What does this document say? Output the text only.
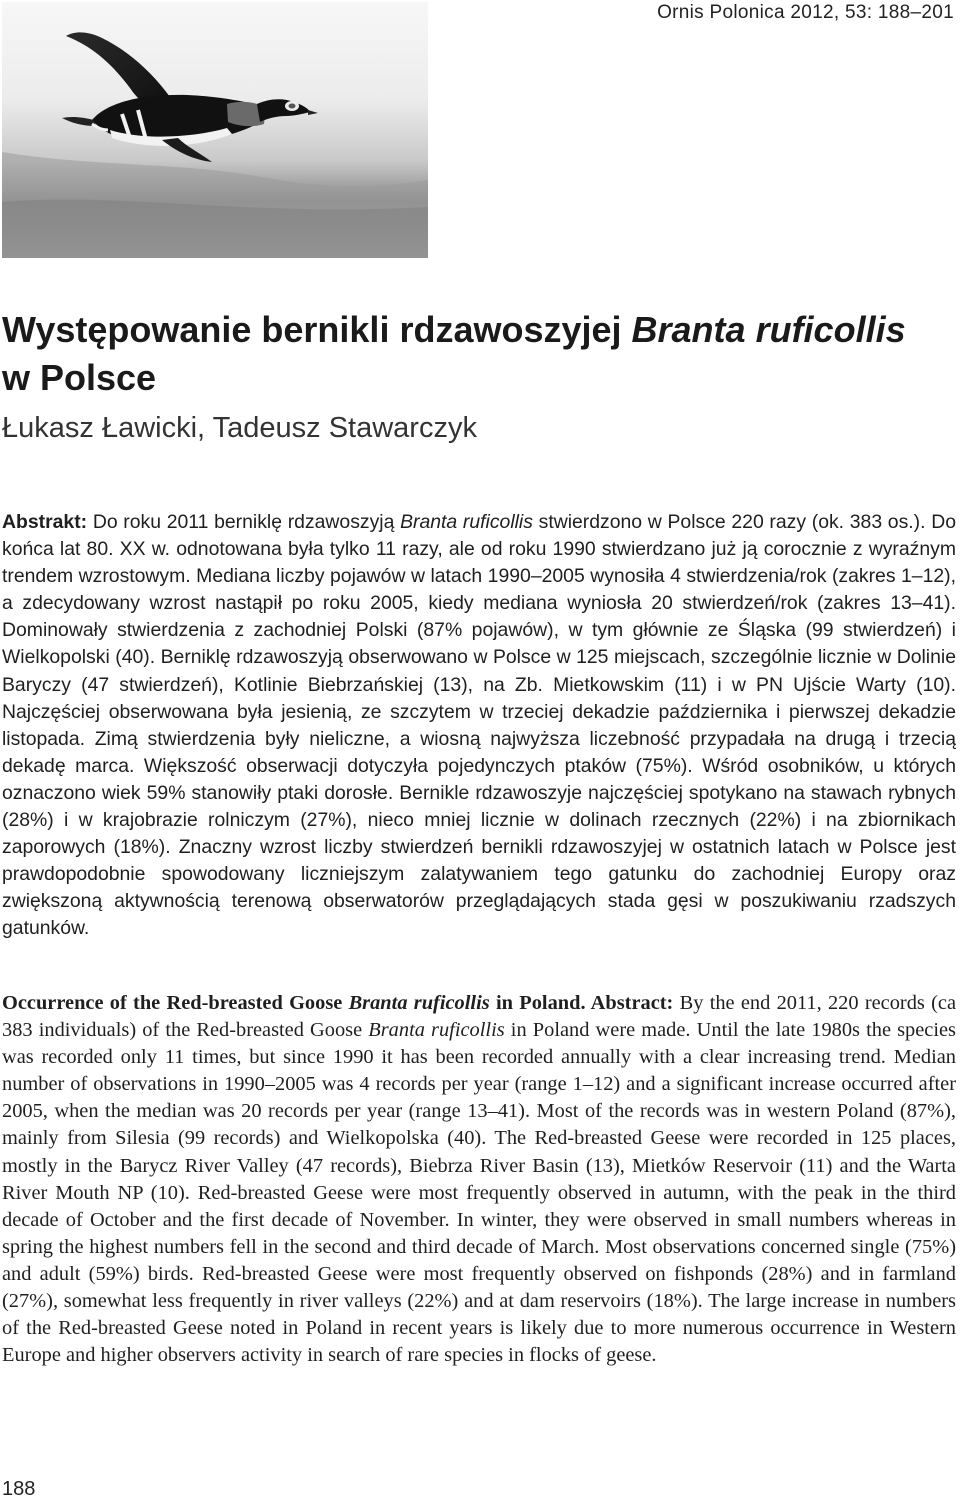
Ornis Polonica 2012, 53: 188–201
Występowanie bernikli rdzawoszyjej Branta ruficollis
w Polsce
Łukasz Ławicki, Tadeusz Stawarczyk

Abstrakt: Do roku 2011 berniklę rdzawoszyją Branta ruficollis stwierdzono w Polsce 220 razy (ok. 383 os.). Do końca lat 80. XX w. odnotowana była tylko 11 razy, ale od roku 1990 stwierdzano już ją corocznie z wyraźnym trendem wzrostowym. Mediana liczby pojawów w latach 1990–2005 wynosiła 4 stwierdzenia/rok (zakres 1–12), a zdecydowany wzrost nastąpił po roku 2005, kiedy mediana wyniosła 20 stwierdzeń/rok (zakres 13–41). Dominowały stwierdzenia z zachodniej Polski (87% pojawów), w tym głównie ze Śląska (99 stwierdzeń) i Wielkopolski (40). Berniklę rdzawoszyją obserwowano w Polsce w 125 miejscach, szczególnie licznie w Dolinie Baryczy (47 stwierdzeń), Kotlinie Biebrzańskiej (13), na Zb. Mietkowskim (11) i w PN Ujście Warty (10). Najczęściej obserwowana była jesienią, ze szczytem w trzeciej dekadzie października i pierwszej dekadzie listopada. Zimą stwierdzenia były nieliczne, a wiosną najwyższa liczebność przypadała na drugą i trzecią dekadę marca. Większość obserwacji dotyczyła pojedynczych ptaków (75%). Wśród osobników, u których oznaczono wiek 59% stanowiły ptaki dorosłe. Bernikle rdzawoszyje najczęściej spotykano na stawach rybnych (28%) i w krajobrazie rolniczym (27%), nieco mniej licznie w dolinach rzecznych (22%) i na zbiornikach zaporowych (18%). Znaczny wzrost liczby stwierdzeń bernikli rdzawoszyjej w ostatnich latach w Polsce jest prawdopodobnie spowodowany liczniejszym zalatywaniem tego gatunku do zachodniej Europy oraz zwiększoną aktywnością terenową obserwatorów przeglądających stada gęsi w poszukiwaniu rzadszych gatunków.

Occurrence of the Red-breasted Goose Branta ruficollis in Poland. Abstract: By the end 2011, 220 records (ca 383 individuals) of the Red-breasted Goose Branta ruficollis in Poland were made. Until the late 1980s the species was recorded only 11 times, but since 1990 it has been recorded annually with a clear increasing trend. Median number of observations in 1990–2005 was 4 records per year (range 1–12) and a significant increase occurred after 2005, when the median was 20 records per year (range 13–41). Most of the records was in western Poland (87%), mainly from Silesia (99 records) and Wielkopolska (40). The Red-breasted Geese were recorded in 125 places, mostly in the Barycz River Valley (47 records), Biebrza River Basin (13), Mietków Reservoir (11) and the Warta River Mouth NP (10). Red-breasted Geese were most frequently observed in autumn, with the peak in the third decade of October and the first decade of November. In winter, they were observed in small numbers whereas in spring the highest numbers fell in the second and third decade of March. Most observations concerned single (75%) and adult (59%) birds. Red-breasted Geese were most frequently observed on fishponds (28%) and in farmland (27%), somewhat less frequently in river valleys (22%) and at dam reservoirs (18%). The large increase in numbers of the Red-breasted Geese noted in Poland in recent years is likely due to more numerous occurrence in Western Europe and higher observers activity in search of rare species in flocks of geese.

188
